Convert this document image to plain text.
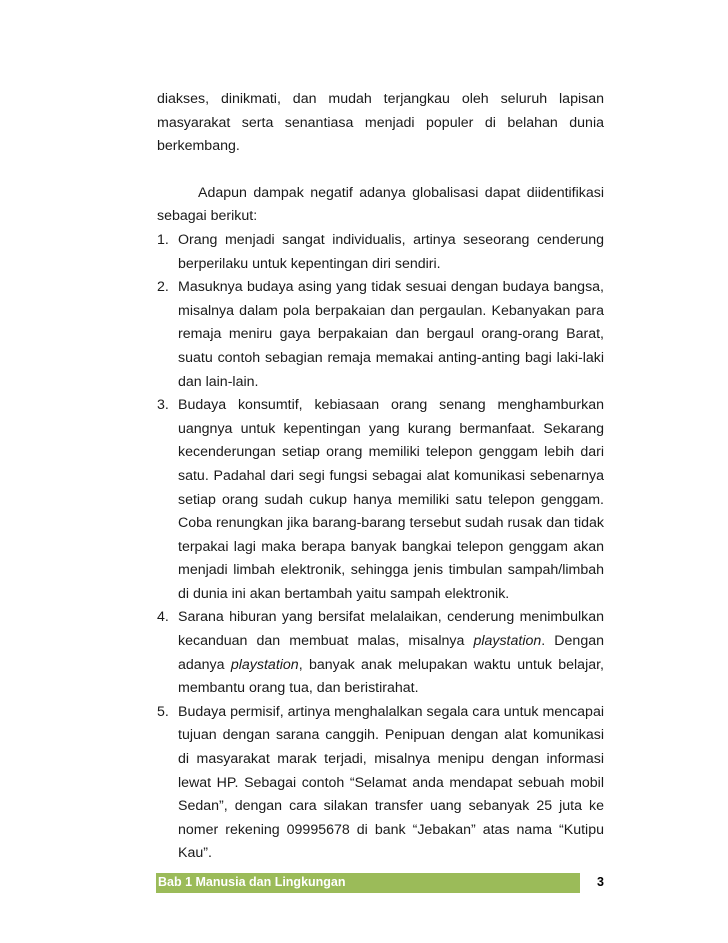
diakses, dinikmati, dan mudah terjangkau oleh seluruh lapisan masyarakat serta senantiasa menjadi populer di belahan dunia berkembang.

Adapun dampak negatif adanya globalisasi dapat diidentifikasi sebagai berikut:

1. Orang menjadi sangat individualis, artinya seseorang cenderung berperilaku untuk kepentingan diri sendiri.
2. Masuknya budaya asing yang tidak sesuai dengan budaya bangsa, misalnya dalam pola berpakaian dan pergaulan. Kebanyakan para remaja meniru gaya berpakaian dan bergaul orang-orang Barat, suatu contoh sebagian remaja memakai anting-anting bagi laki-laki dan lain-lain.
3. Budaya konsumtif, kebiasaan orang senang menghamburkan uangnya untuk kepentingan yang kurang bermanfaat. Sekarang kecenderungan setiap orang memiliki telepon genggam lebih dari satu. Padahal dari segi fungsi sebagai alat komunikasi sebenarnya setiap orang sudah cukup hanya memiliki satu telepon genggam. Coba renungkan jika barang-barang tersebut sudah rusak dan tidak terpakai lagi maka berapa banyak bangkai telepon genggam akan menjadi limbah elektronik, sehingga jenis timbulan sampah/limbah di dunia ini akan bertambah yaitu sampah elektronik.
4. Sarana hiburan yang bersifat melalaikan, cenderung menimbulkan kecanduan dan membuat malas, misalnya playstation. Dengan adanya playstation, banyak anak melupakan waktu untuk belajar, membantu orang tua, dan beristirahat.
5. Budaya permisif, artinya menghalalkan segala cara untuk mencapai tujuan dengan sarana canggih. Penipuan dengan alat komunikasi di masyarakat marak terjadi, misalnya menipu dengan informasi lewat HP. Sebagai contoh “Selamat anda mendapat sebuah mobil Sedan”, dengan cara silakan transfer uang sebanyak 25 juta ke nomer rekening 09995678 di bank “Jebakan” atas nama “Kutipu Kau”.
Bab 1 Manusia dan Lingkungan	3
